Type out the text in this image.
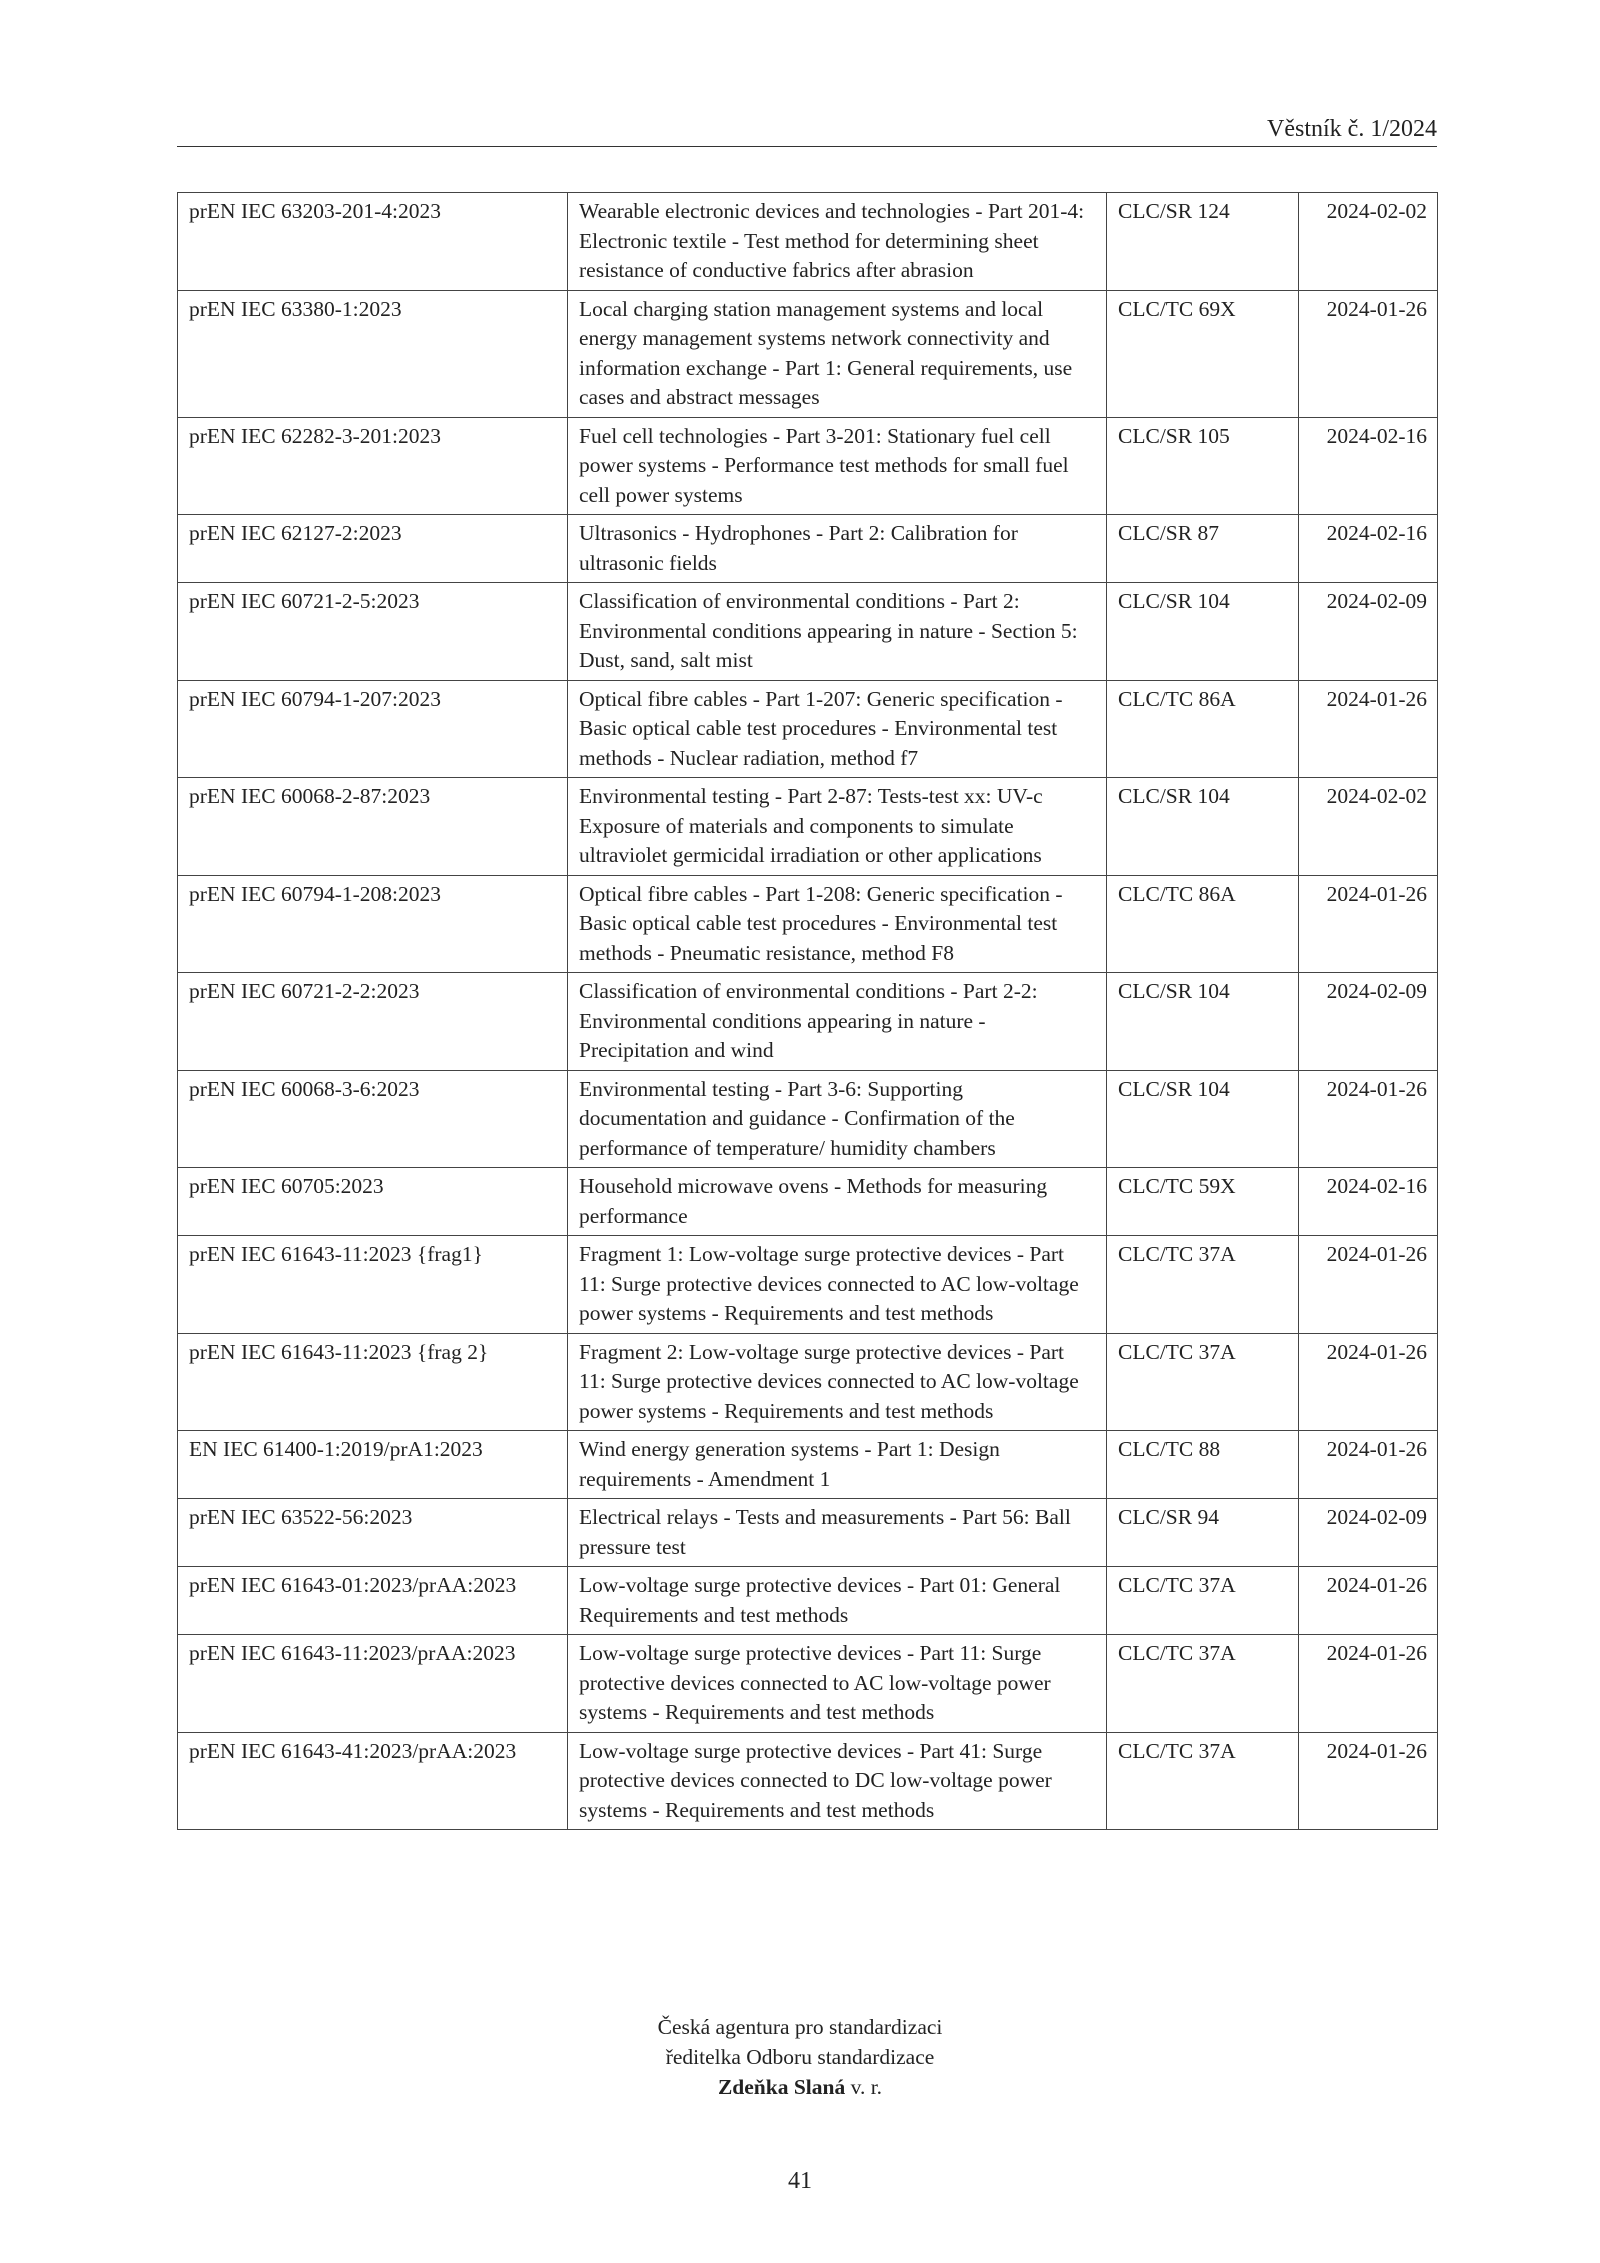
Věstník č. 1/2024
prEN IEC 63203-201-4:2023	Wearable electronic devices and technologies - Part 201-4: Electronic textile - Test method for determining sheet resistance of conductive fabrics after abrasion	CLC/SR 124	2024-02-02
prEN IEC 63380-1:2023	Local charging station management systems and local energy management systems network connectivity and information exchange - Part 1: General requirements, use cases and abstract messages	CLC/TC 69X	2024-01-26
prEN IEC 62282-3-201:2023	Fuel cell technologies - Part 3-201: Stationary fuel cell power systems - Performance test methods for small fuel cell power systems	CLC/SR 105	2024-02-16
prEN IEC 62127-2:2023	Ultrasonics - Hydrophones - Part 2: Calibration for ultrasonic fields	CLC/SR 87	2024-02-16
prEN IEC 60721-2-5:2023	Classification of environmental conditions - Part 2: Environmental conditions appearing in nature - Section 5: Dust, sand, salt mist	CLC/SR 104	2024-02-09
prEN IEC 60794-1-207:2023	Optical fibre cables - Part 1-207: Generic specification - Basic optical cable test procedures - Environmental test methods - Nuclear radiation, method f7	CLC/TC 86A	2024-01-26
prEN IEC 60068-2-87:2023	Environmental testing - Part 2-87: Tests-test xx: UV-c Exposure of materials and components to simulate ultraviolet germicidal irradiation or other applications	CLC/SR 104	2024-02-02
prEN IEC 60794-1-208:2023	Optical fibre cables - Part 1-208: Generic specification - Basic optical cable test procedures - Environmental test methods - Pneumatic resistance, method F8	CLC/TC 86A	2024-01-26
prEN IEC 60721-2-2:2023	Classification of environmental conditions - Part 2-2: Environmental conditions appearing in nature - Precipitation and wind	CLC/SR 104	2024-02-09
prEN IEC 60068-3-6:2023	Environmental testing - Part 3-6: Supporting documentation and guidance - Confirmation of the performance of temperature/ humidity chambers	CLC/SR 104	2024-01-26
prEN IEC 60705:2023	Household microwave ovens - Methods for measuring performance	CLC/TC 59X	2024-02-16
prEN IEC 61643-11:2023 {frag1}	Fragment 1: Low-voltage surge protective devices - Part 11: Surge protective devices connected to AC low-voltage power systems - Requirements and test methods	CLC/TC 37A	2024-01-26
prEN IEC 61643-11:2023 {frag 2}	Fragment 2: Low-voltage surge protective devices - Part 11: Surge protective devices connected to AC low-voltage power systems - Requirements and test methods	CLC/TC 37A	2024-01-26
EN IEC 61400-1:2019/prA1:2023	Wind energy generation systems - Part 1: Design requirements - Amendment 1	CLC/TC 88	2024-01-26
prEN IEC 63522-56:2023	Electrical relays - Tests and measurements - Part 56: Ball pressure test	CLC/SR 94	2024-02-09
prEN IEC 61643-01:2023/prAA:2023	Low-voltage surge protective devices - Part 01: General Requirements and test methods	CLC/TC 37A	2024-01-26
prEN IEC 61643-11:2023/prAA:2023	Low-voltage surge protective devices - Part 11: Surge protective devices connected to AC low-voltage power systems - Requirements and test methods	CLC/TC 37A	2024-01-26
prEN IEC 61643-41:2023/prAA:2023	Low-voltage surge protective devices - Part 41: Surge protective devices connected to DC low-voltage power systems - Requirements and test methods	CLC/TC 37A	2024-01-26
Česká agentura pro standardizaci
ředitelka Odboru standardizace
Zdeňka Slaná v. r.
41
